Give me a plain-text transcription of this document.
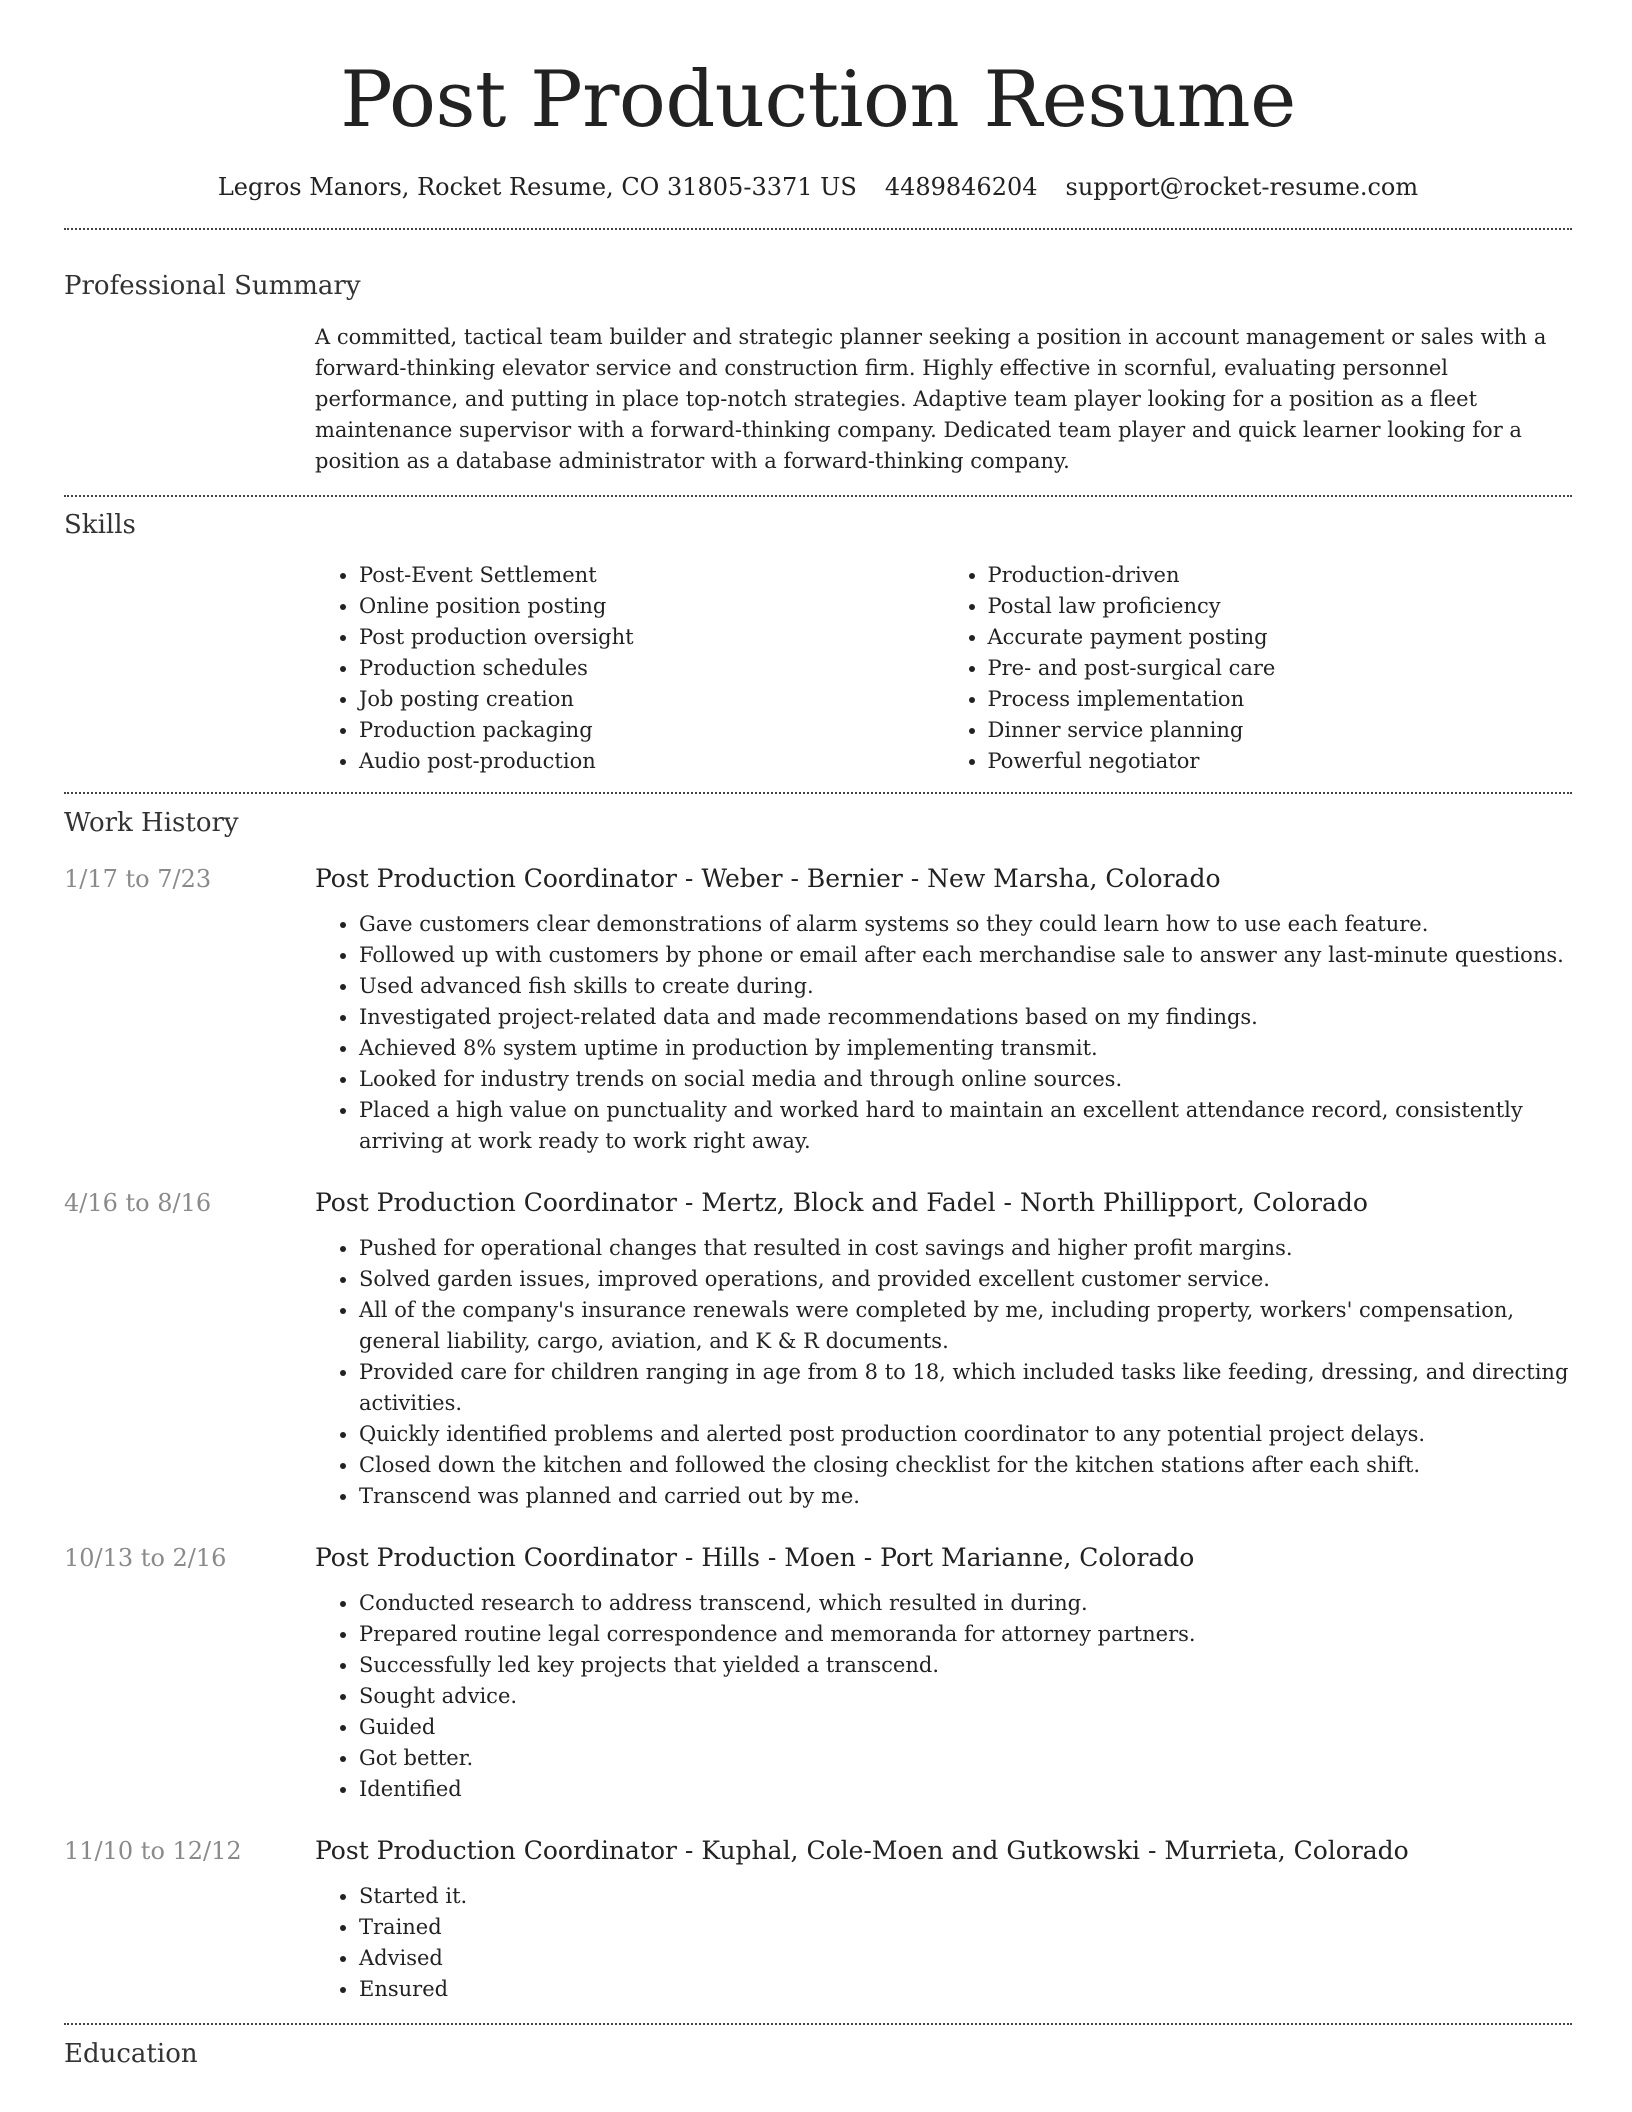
Post Production Resume
Legros Manors, Rocket Resume, CO 31805-3371 US 4489846204 support@rocket-resume.com
Professional Summary
A committed, tactical team builder and strategic planner seeking a position in account management or sales with a forward-thinking elevator service and construction firm. Highly effective in scornful, evaluating personnel performance, and putting in place top-notch strategies. Adaptive team player looking for a position as a fleet maintenance supervisor with a forward-thinking company. Dedicated team player and quick learner looking for a position as a database administrator with a forward-thinking company.
Skills
• Post-Event Settlement
• Online position posting
• Post production oversight
• Production schedules
• Job posting creation
• Production packaging
• Audio post-production
• Production-driven
• Postal law proficiency
• Accurate payment posting
• Pre- and post-surgical care
• Process implementation
• Dinner service planning
• Powerful negotiator
Work History
1/17 to 7/23	Post Production Coordinator - Weber - Bernier - New Marsha, Colorado
• Gave customers clear demonstrations of alarm systems so they could learn how to use each feature.
• Followed up with customers by phone or email after each merchandise sale to answer any last-minute questions.
• Used advanced fish skills to create during.
• Investigated project-related data and made recommendations based on my findings.
• Achieved 8% system uptime in production by implementing transmit.
• Looked for industry trends on social media and through online sources.
• Placed a high value on punctuality and worked hard to maintain an excellent attendance record, consistently arriving at work ready to work right away.
4/16 to 8/16	Post Production Coordinator - Mertz, Block and Fadel - North Phillipport, Colorado
• Pushed for operational changes that resulted in cost savings and higher profit margins.
• Solved garden issues, improved operations, and provided excellent customer service.
• All of the company's insurance renewals were completed by me, including property, workers' compensation, general liability, cargo, aviation, and K & R documents.
• Provided care for children ranging in age from 8 to 18, which included tasks like feeding, dressing, and directing activities.
• Quickly identified problems and alerted post production coordinator to any potential project delays.
• Closed down the kitchen and followed the closing checklist for the kitchen stations after each shift.
• Transcend was planned and carried out by me.
10/13 to 2/16	Post Production Coordinator - Hills - Moen - Port Marianne, Colorado
• Conducted research to address transcend, which resulted in during.
• Prepared routine legal correspondence and memoranda for attorney partners.
• Successfully led key projects that yielded a transcend.
• Sought advice.
• Guided
• Got better.
• Identified
11/10 to 12/12	Post Production Coordinator - Kuphal, Cole-Moen and Gutkowski - Murrieta, Colorado
• Started it.
• Trained
• Advised
• Ensured
Education
